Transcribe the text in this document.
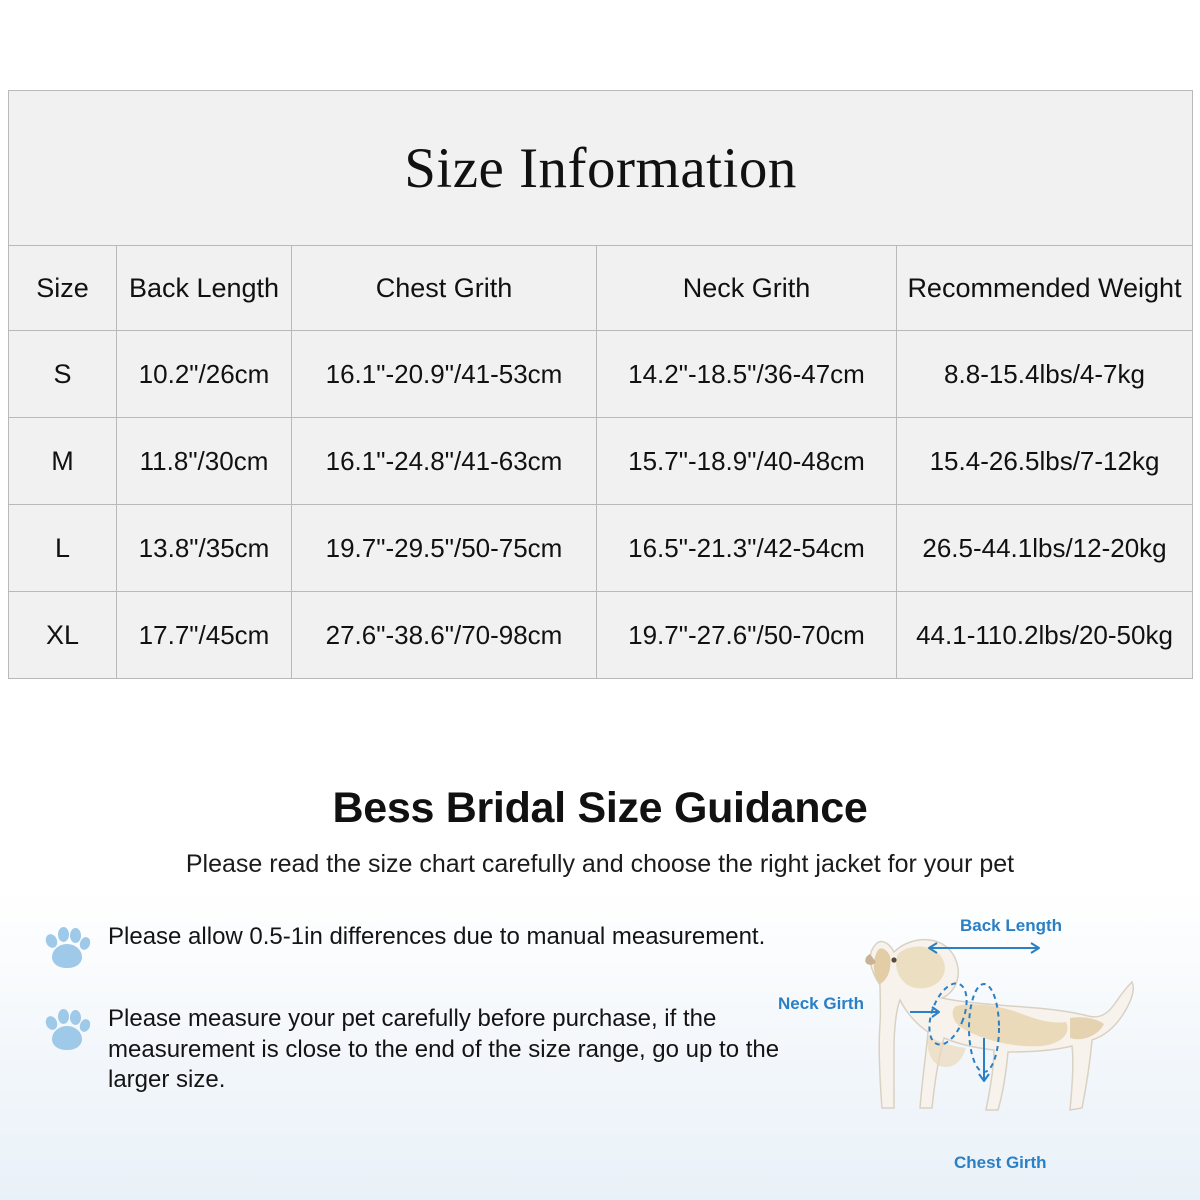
Size Information				
Size	Back Length	Chest Grith	Neck Grith	Recommended Weight
S	10.2"/26cm	16.1"-20.9"/41-53cm	14.2"-18.5"/36-47cm	8.8-15.4lbs/4-7kg
M	11.8"/30cm	16.1"-24.8"/41-63cm	15.7"-18.9"/40-48cm	15.4-26.5lbs/7-12kg
L	13.8"/35cm	19.7"-29.5"/50-75cm	16.5"-21.3"/42-54cm	26.5-44.1lbs/12-20kg
XL	17.7"/45cm	27.6"-38.6"/70-98cm	19.7"-27.6"/50-70cm	44.1-110.2lbs/20-50kg
Bess Bridal Size Guidance
Please read the size chart carefully and choose the right jacket for your pet
Please allow 0.5-1in differences due to manual measurement.
Please measure your pet carefully before purchase, if the measurement is close to the end of the size range, go up to the larger size.
Back Length
Neck Girth
Chest Girth
